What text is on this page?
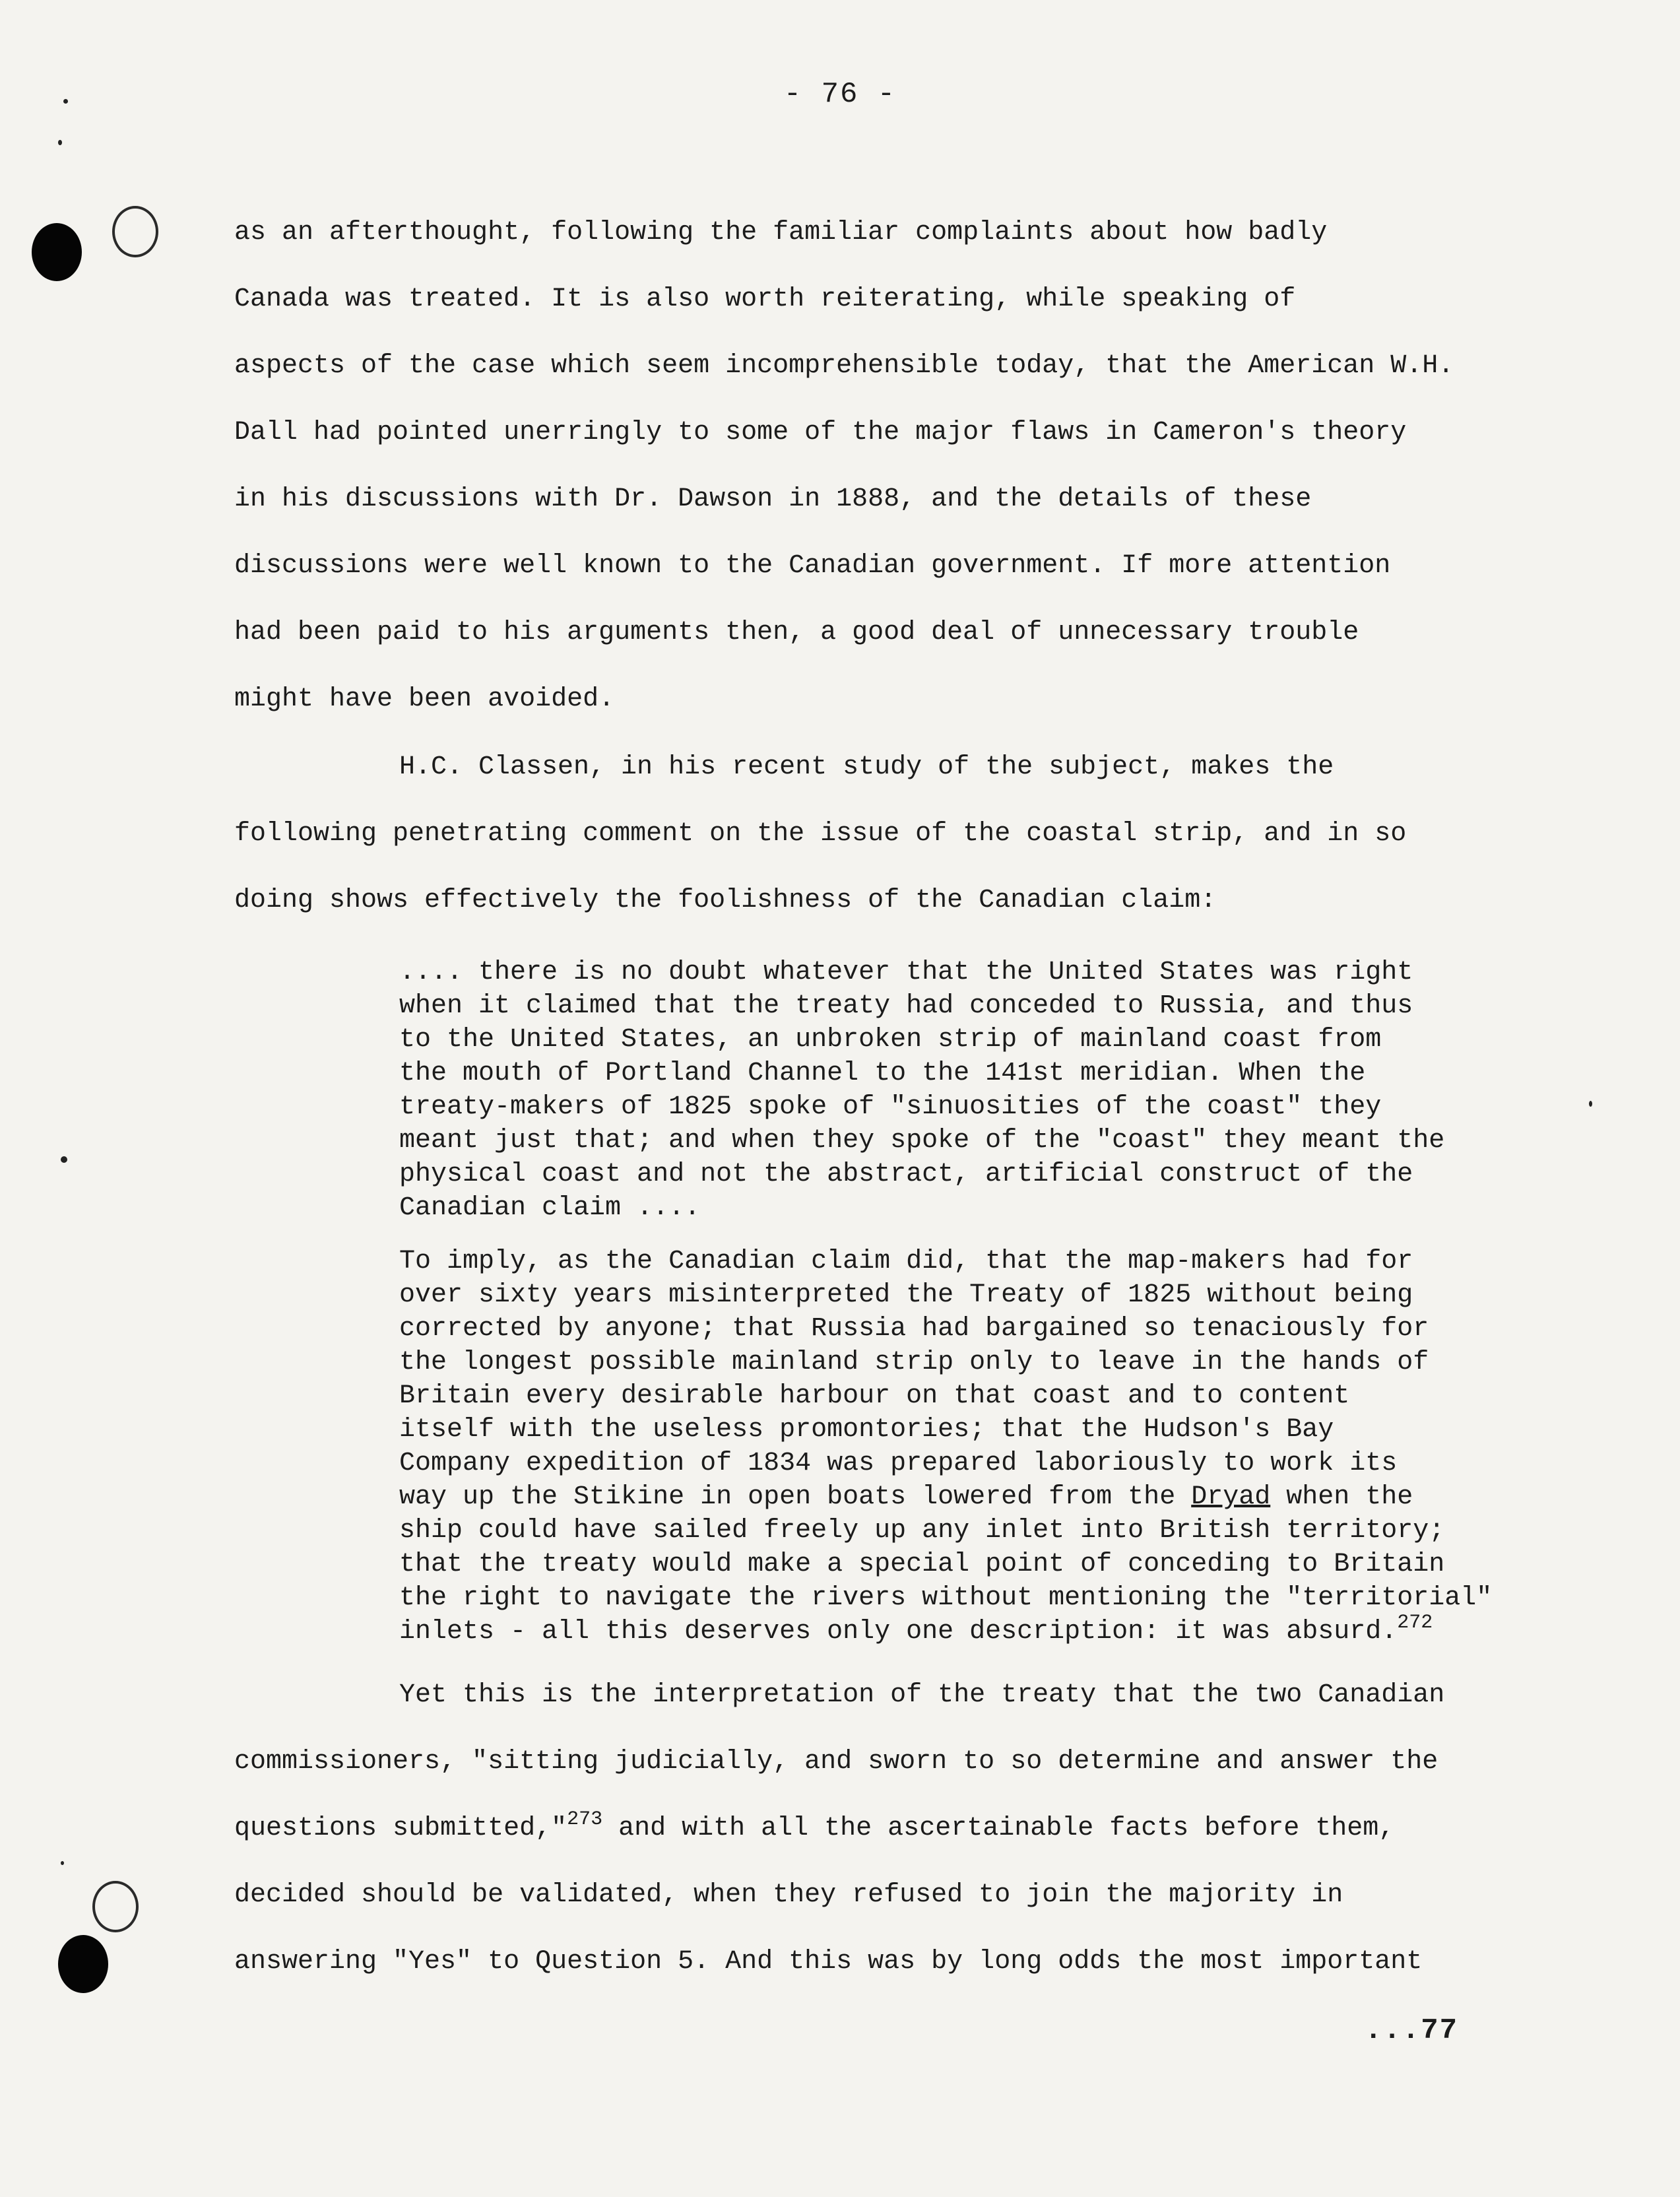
- 76 -
as an afterthought, following the familiar complaints about how badly
Canada was treated. It is also worth reiterating, while speaking of
aspects of the case which seem incomprehensible today, that the American W.H.
Dall had pointed unerringly to some of the major flaws in Cameron's theory
in his discussions with Dr. Dawson in 1888, and the details of these
discussions were well known to the Canadian government. If more attention
had been paid to his arguments then, a good deal of unnecessary trouble
might have been avoided.
H.C. Classen, in his recent study of the subject, makes the
following penetrating comment on the issue of the coastal strip, and in so
doing shows effectively the foolishness of the Canadian claim:
.... there is no doubt whatever that the United States was right
when it claimed that the treaty had conceded to Russia, and thus
to the United States, an unbroken strip of mainland coast from
the mouth of Portland Channel to the 141st meridian. When the
treaty-makers of 1825 spoke of "sinuosities of the coast" they
meant just that; and when they spoke of the "coast" they meant the
physical coast and not the abstract, artificial construct of the
Canadian claim ....
To imply, as the Canadian claim did, that the map-makers had for
over sixty years misinterpreted the Treaty of 1825 without being
corrected by anyone; that Russia had bargained so tenaciously for
the longest possible mainland strip only to leave in the hands of
Britain every desirable harbour on that coast and to content
itself with the useless promontories; that the Hudson's Bay
Company expedition of 1834 was prepared laboriously to work its
way up the Stikine in open boats lowered from the Dryad when the
ship could have sailed freely up any inlet into British territory;
that the treaty would make a special point of conceding to Britain
the right to navigate the rivers without mentioning the "territorial"
inlets - all this deserves only one description: it was absurd.$^{272}$
Yet this is the interpretation of the treaty that the two Canadian
commissioners, "sitting judicially, and sworn to so determine and answer the
questions submitted,"$^{273}$ and with all the ascertainable facts before them,
decided should be validated, when they refused to join the majority in
answering "Yes" to Question 5. And this was by long odds the most important
...77
